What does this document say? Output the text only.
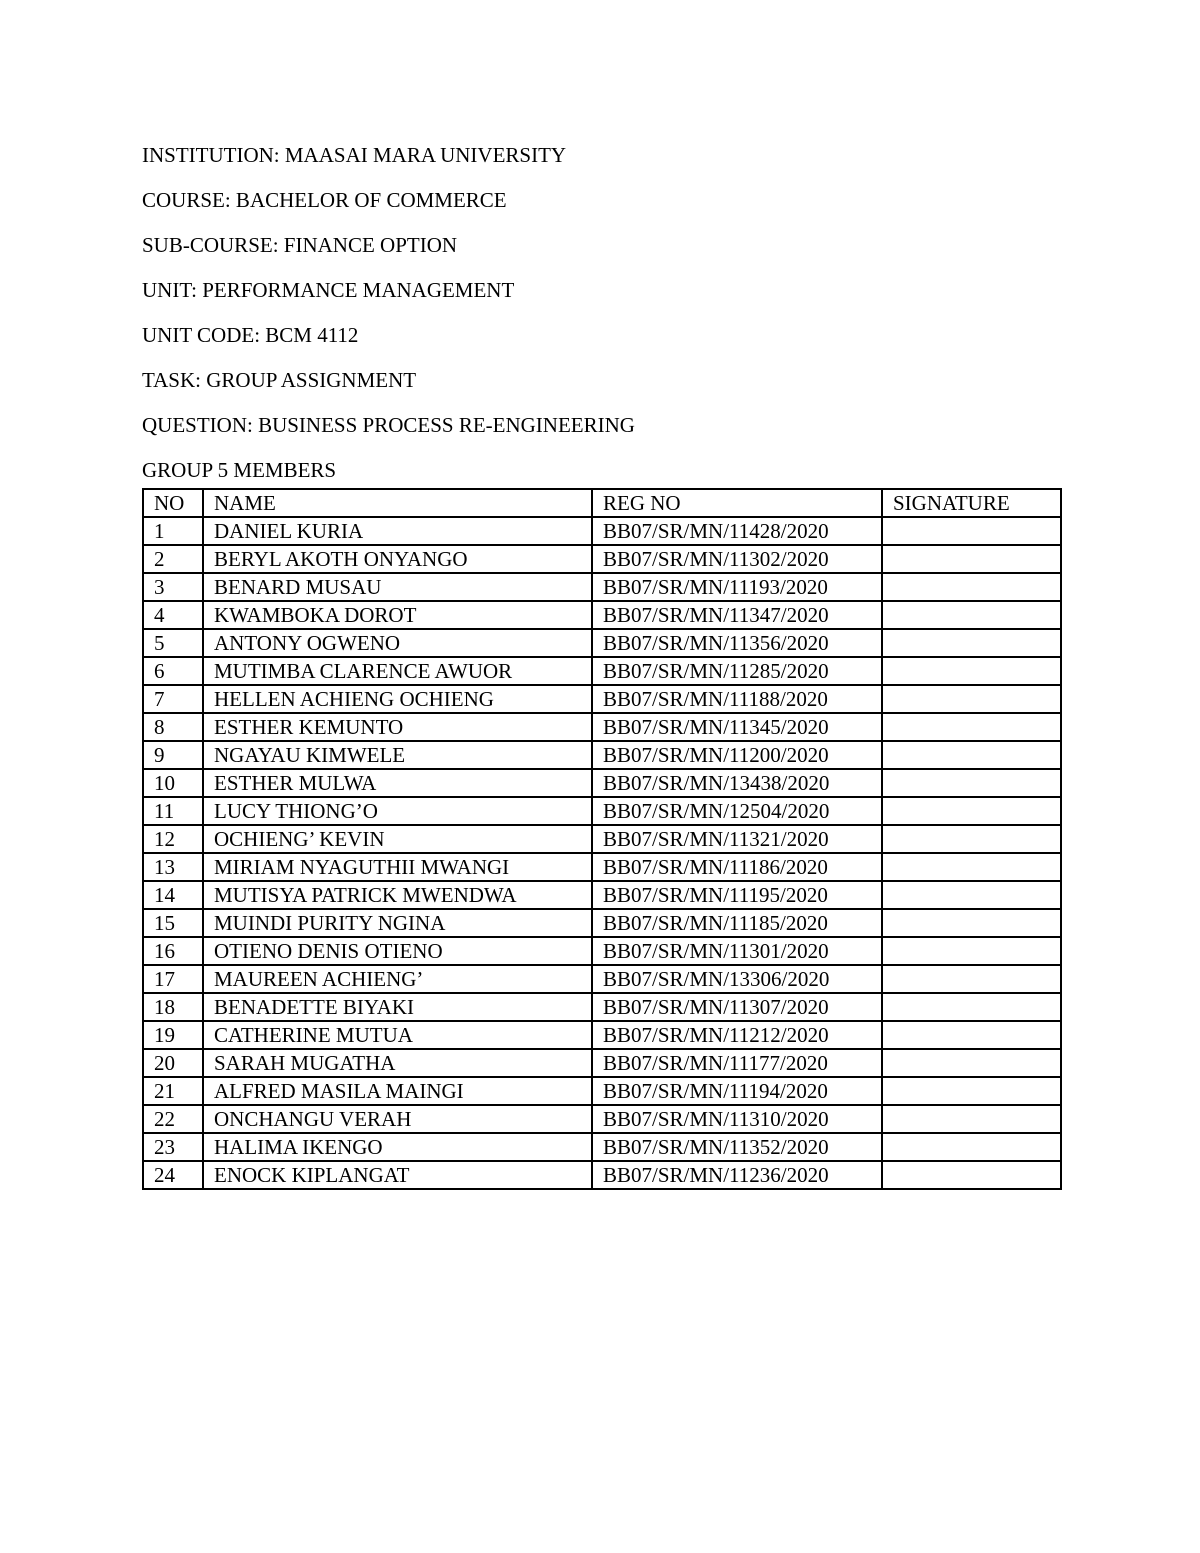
INSTITUTION: MAASAI MARA UNIVERSITY
COURSE: BACHELOR OF COMMERCE
SUB-COURSE: FINANCE OPTION
UNIT: PERFORMANCE MANAGEMENT
UNIT CODE: BCM 4112
TASK: GROUP ASSIGNMENT
QUESTION: BUSINESS PROCESS RE-ENGINEERING
GROUP 5 MEMBERS
NO	NAME	REG NO	SIGNATURE
1	DANIEL KURIA	BB07/SR/MN/11428/2020	
2	BERYL AKOTH ONYANGO	BB07/SR/MN/11302/2020	
3	BENARD MUSAU	BB07/SR/MN/11193/2020	
4	KWAMBOKA DOROT	BB07/SR/MN/11347/2020	
5	ANTONY OGWENO	BB07/SR/MN/11356/2020	
6	MUTIMBA CLARENCE AWUOR	BB07/SR/MN/11285/2020	
7	HELLEN ACHIENG OCHIENG	BB07/SR/MN/11188/2020	
8	ESTHER KEMUNTO	BB07/SR/MN/11345/2020	
9	NGAYAU KIMWELE	BB07/SR/MN/11200/2020	
10	ESTHER MULWA	BB07/SR/MN/13438/2020	
11	LUCY THIONG’O	BB07/SR/MN/12504/2020	
12	OCHIENG’ KEVIN	BB07/SR/MN/11321/2020	
13	MIRIAM NYAGUTHII MWANGI	BB07/SR/MN/11186/2020	
14	MUTISYA PATRICK MWENDWA	BB07/SR/MN/11195/2020	
15	MUINDI PURITY NGINA	BB07/SR/MN/11185/2020	
16	OTIENO DENIS OTIENO	BB07/SR/MN/11301/2020	
17	MAUREEN ACHIENG’	BB07/SR/MN/13306/2020	
18	BENADETTE BIYAKI	BB07/SR/MN/11307/2020	
19	CATHERINE MUTUA	BB07/SR/MN/11212/2020	
20	SARAH MUGATHA	BB07/SR/MN/11177/2020	
21	ALFRED MASILA MAINGI	BB07/SR/MN/11194/2020	
22	ONCHANGU VERAH	BB07/SR/MN/11310/2020	
23	HALIMA IKENGO	BB07/SR/MN/11352/2020	
24	ENOCK KIPLANGAT	BB07/SR/MN/11236/2020	
